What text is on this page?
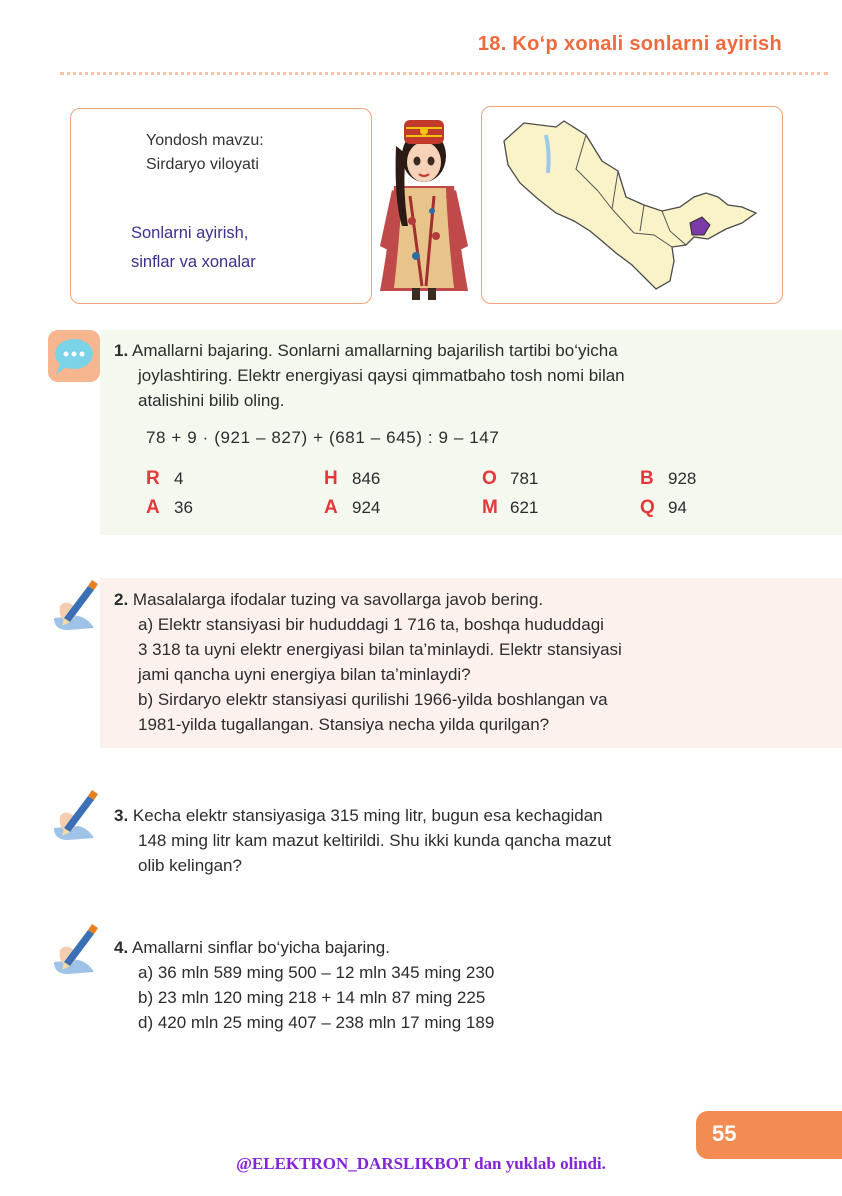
18. Ko‘p xonali sonlarni ayirish
Yondosh mavzu:
Sirdaryo viloyati
Sonlarni ayirish,
sinflar va xonalar
1. Amallarni bajaring. Sonlarni amallarning bajarilish tartibi bo‘yicha
joylashtiring. Elektr energiyasi qaysi qimmatbaho tosh nomi bilan
atalishini bilib oling.
78 + 9 · (921 – 827) + (681 – 645) : 9 – 147
R 4	H 846	O 781	B 928
A 36	A 924	M 621	Q 94
2. Masalalarga ifodalar tuzing va savollarga javob bering.
a) Elektr stansiyasi bir hududdagi 1 716 ta, boshqa hududdagi
3 318 ta uyni elektr energiyasi bilan ta’minlaydi. Elektr stansiyasi
jami qancha uyni energiya bilan ta’minlaydi?
b) Sirdaryo elektr stansiyasi qurilishi 1966-yilda boshlangan va
1981-yilda tugallangan. Stansiya necha yilda qurilgan?
3. Kecha elektr stansiyasiga 315 ming litr, bugun esa kechagidan
148 ming litr kam mazut keltirildi. Shu ikki kunda qancha mazut
olib kelingan?
4. Amallarni sinflar bo‘yicha bajaring.
a) 36 mln 589 ming 500 – 12 mln 345 ming 230
b) 23 mln 120 ming 218 + 14 mln 87 ming 225
d) 420 mln 25 ming 407 – 238 mln 17 ming 189
55
@ELEKTRON_DARSLIKBOT dan yuklab olindi.
